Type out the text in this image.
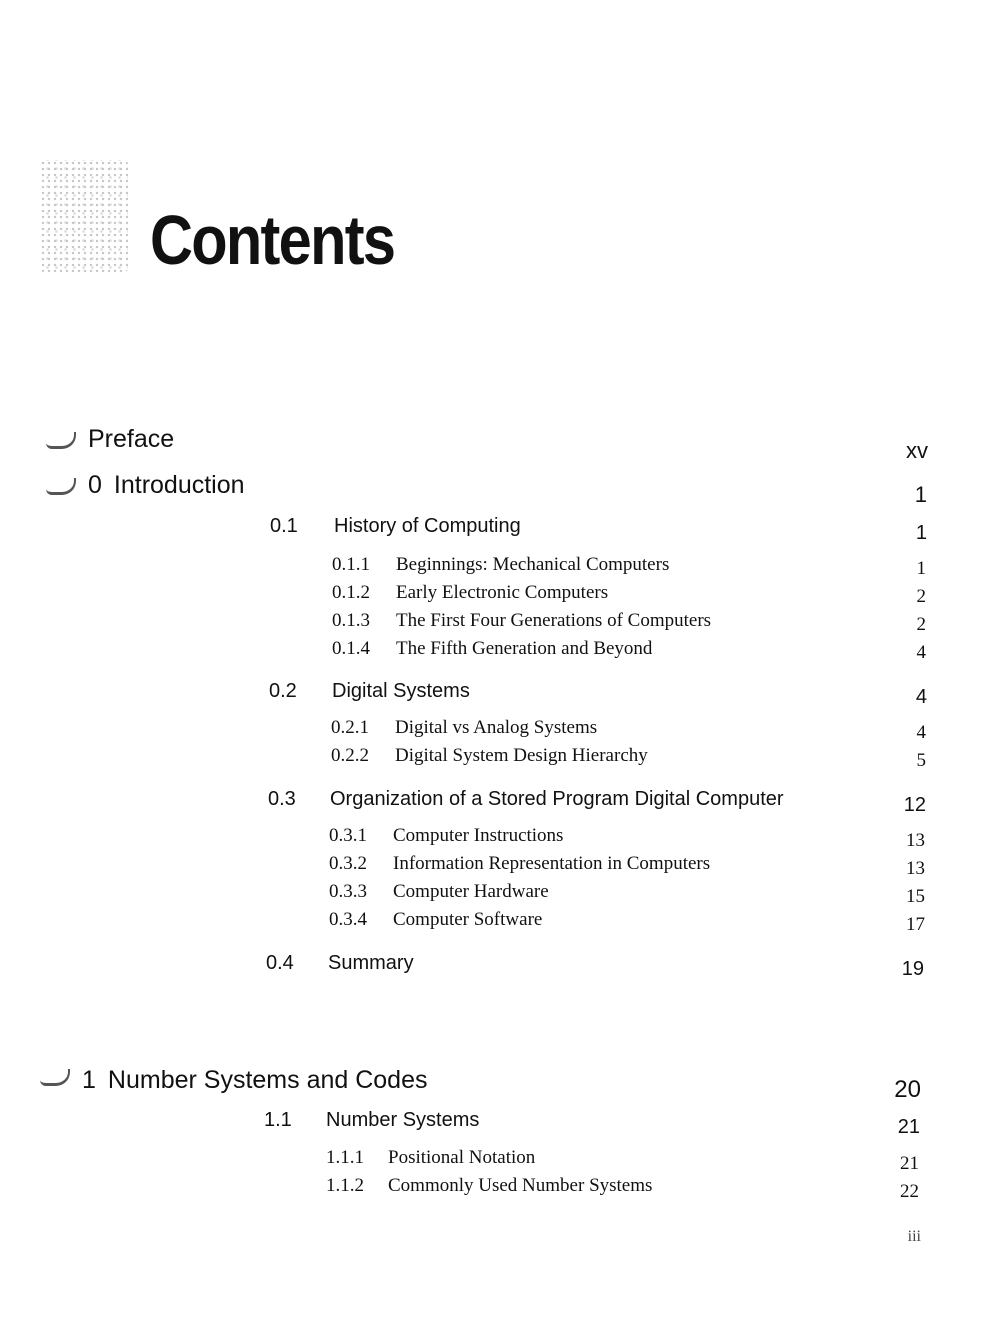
Contents
Preface	xv
0 Introduction	1
0.1 History of Computing	1
0.1.1 Beginnings: Mechanical Computers	1
0.1.2 Early Electronic Computers	2
0.1.3 The First Four Generations of Computers	2
0.1.4 The Fifth Generation and Beyond	4
0.2 Digital Systems	4
0.2.1 Digital vs Analog Systems	4
0.2.2 Digital System Design Hierarchy	5
0.3 Organization of a Stored Program Digital Computer	12
0.3.1 Computer Instructions	13
0.3.2 Information Representation in Computers	13
0.3.3 Computer Hardware	15
0.3.4 Computer Software	17
0.4 Summary	19
1 Number Systems and Codes	20
1.1 Number Systems	21
1.1.1 Positional Notation	21
1.1.2 Commonly Used Number Systems	22
iii
